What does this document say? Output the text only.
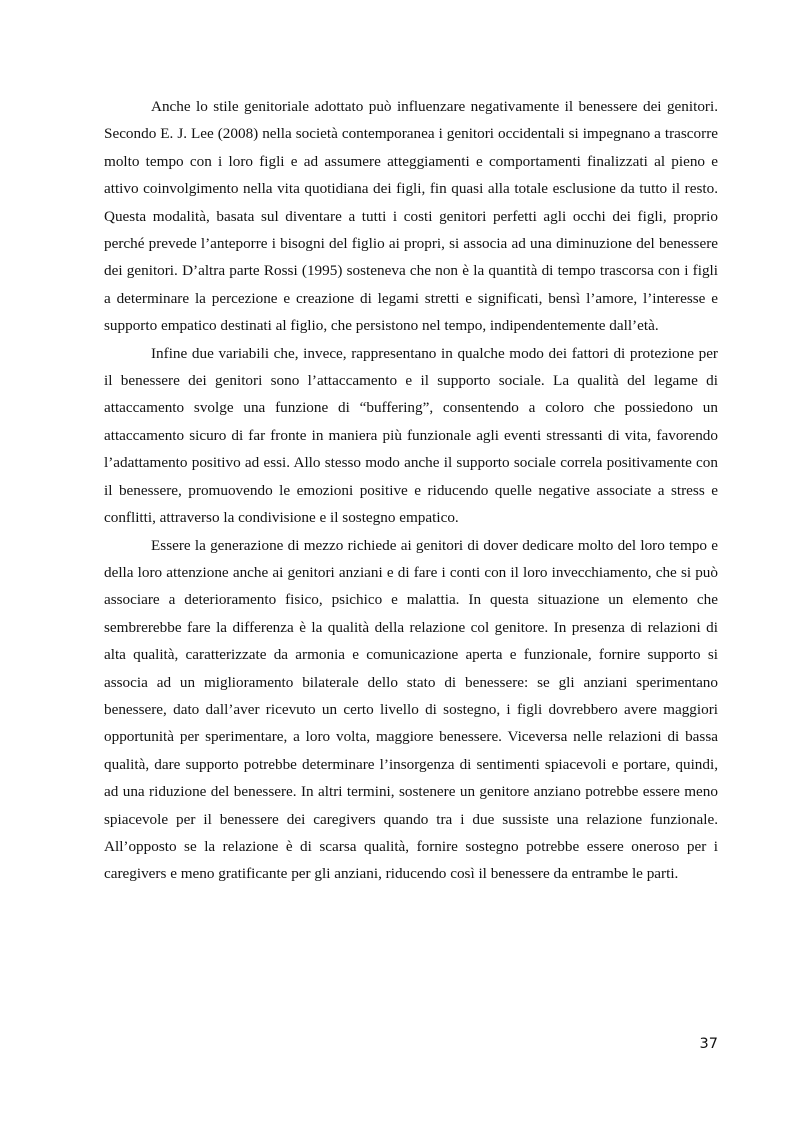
Anche lo stile genitoriale adottato può influenzare negativamente il benessere dei genitori. Secondo E. J. Lee (2008) nella società contemporanea i genitori occidentali si impegnano a trascorre molto tempo con i loro figli e ad assumere atteggiamenti e comportamenti finalizzati al pieno e attivo coinvolgimento nella vita quotidiana dei figli, fin quasi alla totale esclusione da tutto il resto. Questa modalità, basata sul diventare a tutti i costi genitori perfetti agli occhi dei figli, proprio perché prevede l’anteporre i bisogni del figlio ai propri, si associa ad una diminuzione del benessere dei genitori. D’altra parte Rossi (1995) sosteneva che non è la quantità di tempo trascorsa con i figli a determinare la percezione e creazione di legami stretti e significati, bensì l’amore, l’interesse e supporto empatico destinati al figlio, che persistono nel tempo, indipendentemente dall’età.

Infine due variabili che, invece, rappresentano in qualche modo dei fattori di protezione per il benessere dei genitori sono l’attaccamento e il supporto sociale. La qualità del legame di attaccamento svolge una funzione di “buffering”, consentendo a coloro che possiedono un attaccamento sicuro di far fronte in maniera più funzionale agli eventi stressanti di vita, favorendo l’adattamento positivo ad essi. Allo stesso modo anche il supporto sociale correla positivamente con il benessere, promuovendo le emozioni positive e riducendo quelle negative associate a stress e conflitti, attraverso la condivisione e il sostegno empatico.

Essere la generazione di mezzo richiede ai genitori di dover dedicare molto del loro tempo e della loro attenzione anche ai genitori anziani e di fare i conti con il loro invecchiamento, che si può associare a deterioramento fisico, psichico e malattia. In questa situazione un elemento che sembrerebbe fare la differenza è la qualità della relazione col genitore. In presenza di relazioni di alta qualità, caratterizzate da armonia e comunicazione aperta e funzionale, fornire supporto si associa ad un miglioramento bilaterale dello stato di benessere: se gli anziani sperimentano benessere, dato dall’aver ricevuto un certo livello di sostegno, i figli dovrebbero avere maggiori opportunità per sperimentare, a loro volta, maggiore benessere. Viceversa nelle relazioni di bassa qualità, dare supporto potrebbe determinare l’insorgenza di sentimenti spiacevoli e portare, quindi, ad una riduzione del benessere. In altri termini, sostenere un genitore anziano potrebbe essere meno spiacevole per il benessere dei caregivers quando tra i due sussiste una relazione funzionale. All’opposto se la relazione è di scarsa qualità, fornire sostegno potrebbe essere oneroso per i caregivers e meno gratificante per gli anziani, riducendo così il benessere da entrambe le parti.

37
